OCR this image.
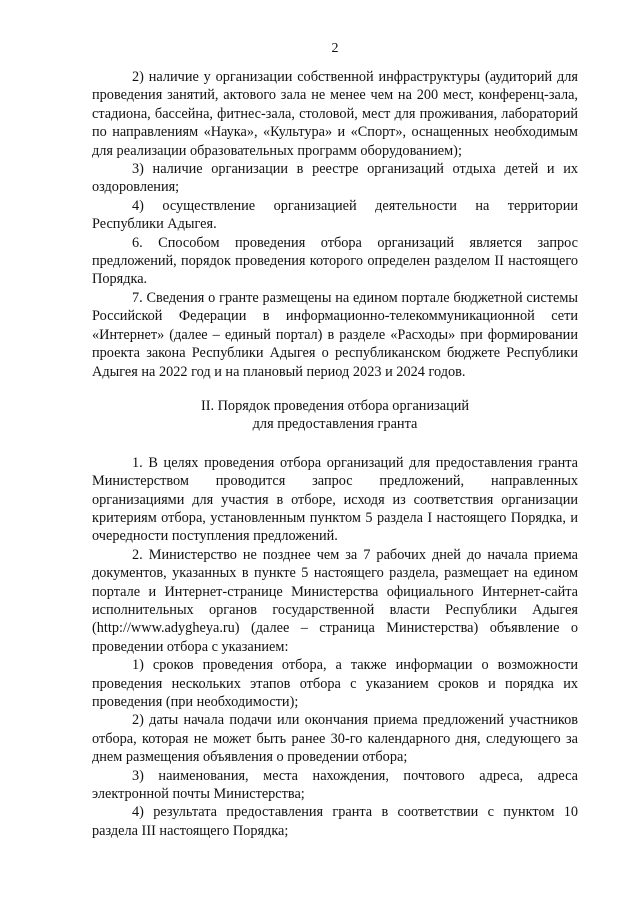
2

2) наличие у организации собственной инфраструктуры (аудиторий для проведения занятий, актового зала не менее чем на 200 мест, конференц-зала, стадиона, бассейна, фитнес-зала, столовой, мест для проживания, лабораторий по направлениям «Наука», «Культура» и «Спорт», оснащенных необходимым для реализации образовательных программ оборудованием);

3) наличие организации в реестре организаций отдыха детей и их оздоровления;

4) осуществление организацией деятельности на территории Республики Адыгея.

6. Способом проведения отбора организаций является запрос предложений, порядок проведения которого определен разделом II настоящего Порядка.

7. Сведения о гранте размещены на едином портале бюджетной системы Российской Федерации в информационно-телекоммуникационной сети «Интернет» (далее – единый портал) в разделе «Расходы» при формировании проекта закона Республики Адыгея о республиканском бюджете Республики Адыгея на 2022 год и на плановый период 2023 и 2024 годов.

II. Порядок проведения отбора организаций
для предоставления гранта

1. В целях проведения отбора организаций для предоставления гранта Министерством проводится запрос предложений, направленных организациями для участия в отборе, исходя из соответствия организации критериям отбора, установленным пунктом 5 раздела I настоящего Порядка, и очередности поступления предложений.

2. Министерство не позднее чем за 7 рабочих дней до начала приема документов, указанных в пункте 5 настоящего раздела, размещает на едином портале и Интернет-странице Министерства официального Интернет-сайта исполнительных органов государственной власти Республики Адыгея (http://www.adygheya.ru) (далее – страница Министерства) объявление о проведении отбора с указанием:

1) сроков проведения отбора, а также информации о возможности проведения нескольких этапов отбора с указанием сроков и порядка их проведения (при необходимости);

2) даты начала подачи или окончания приема предложений участников отбора, которая не может быть ранее 30-го календарного дня, следующего за днем размещения объявления о проведении отбора;

3) наименования, места нахождения, почтового адреса, адреса электронной почты Министерства;

4) результата предоставления гранта в соответствии с пунктом 10 раздела III настоящего Порядка;
